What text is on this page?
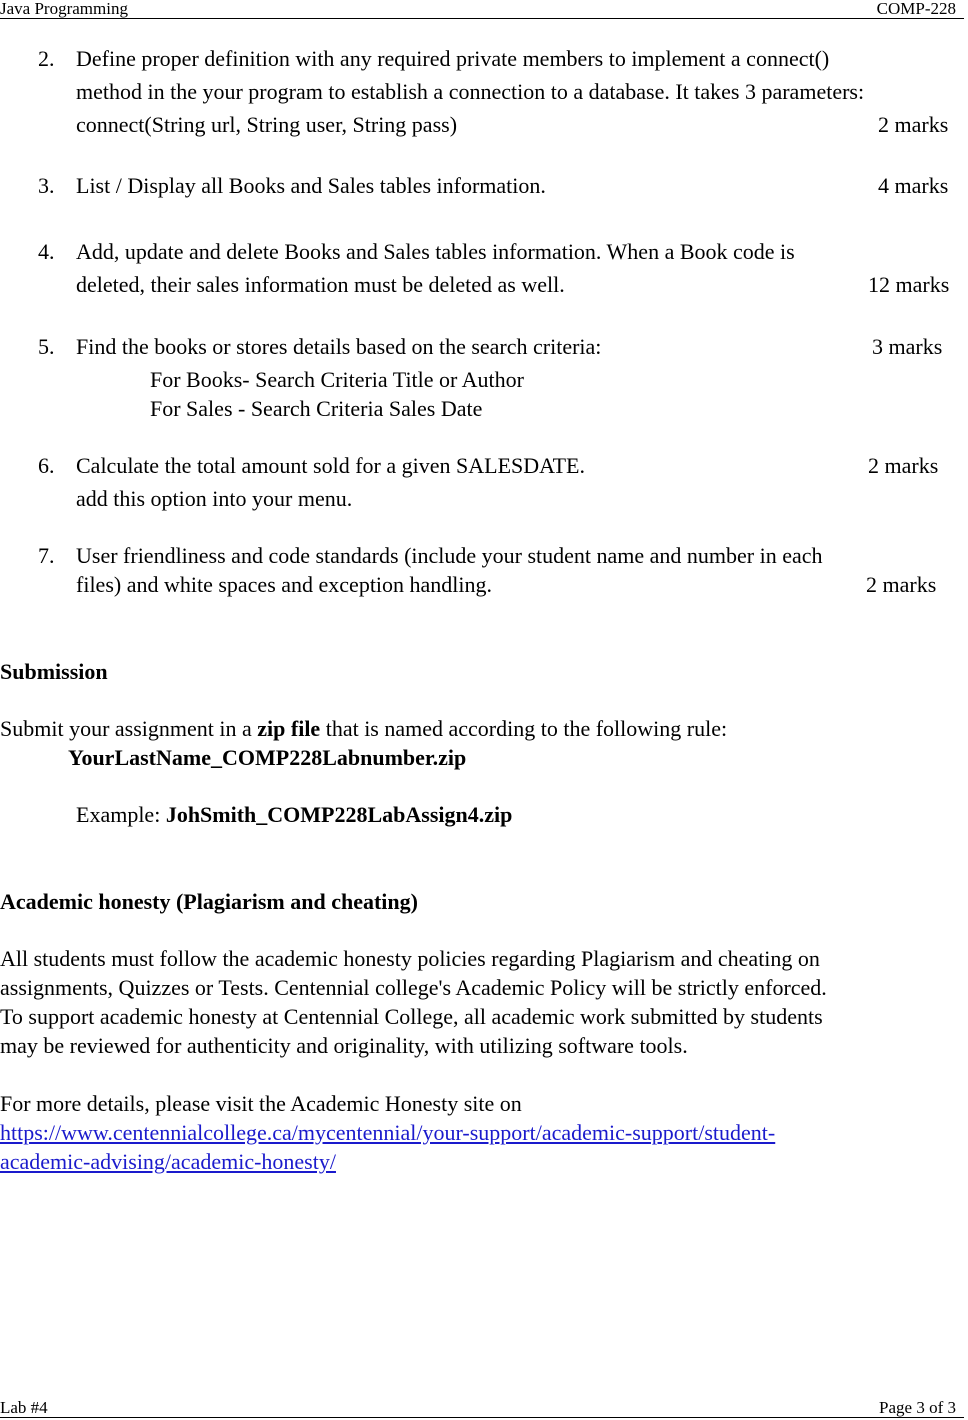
Java Programming	COMP-228
2. Define proper definition with any required private members to implement a connect()
method in the your program to establish a connection to a database. It takes 3 parameters:
connect(String url, String user, String pass)	2 marks
3. List / Display all Books and Sales tables information.	4 marks
4. Add, update and delete Books and Sales tables information. When a Book code is
deleted, their sales information must be deleted as well.	12 marks
5. Find the books or stores details based on the search criteria:	3 marks
For Books- Search Criteria Title or Author
For Sales - Search Criteria Sales Date
6. Calculate the total amount sold for a given SALESDATE.	2 marks
add this option into your menu.
7. User friendliness and code standards (include your student name and number in each
files) and white spaces and exception handling.	2 marks
Submission
Submit your assignment in a zip file that is named according to the following rule:
YourLastName_COMP228Labnumber.zip
Example: JohSmith_COMP228LabAssign4.zip
Academic honesty (Plagiarism and cheating)
All students must follow the academic honesty policies regarding Plagiarism and cheating on
assignments, Quizzes or Tests. Centennial college's Academic Policy will be strictly enforced.
To support academic honesty at Centennial College, all academic work submitted by students
may be reviewed for authenticity and originality, with utilizing software tools.
For more details, please visit the Academic Honesty site on
https://www.centennialcollege.ca/mycentennial/your-support/academic-support/student-
academic-advising/academic-honesty/
Lab #4	Page 3 of 3
